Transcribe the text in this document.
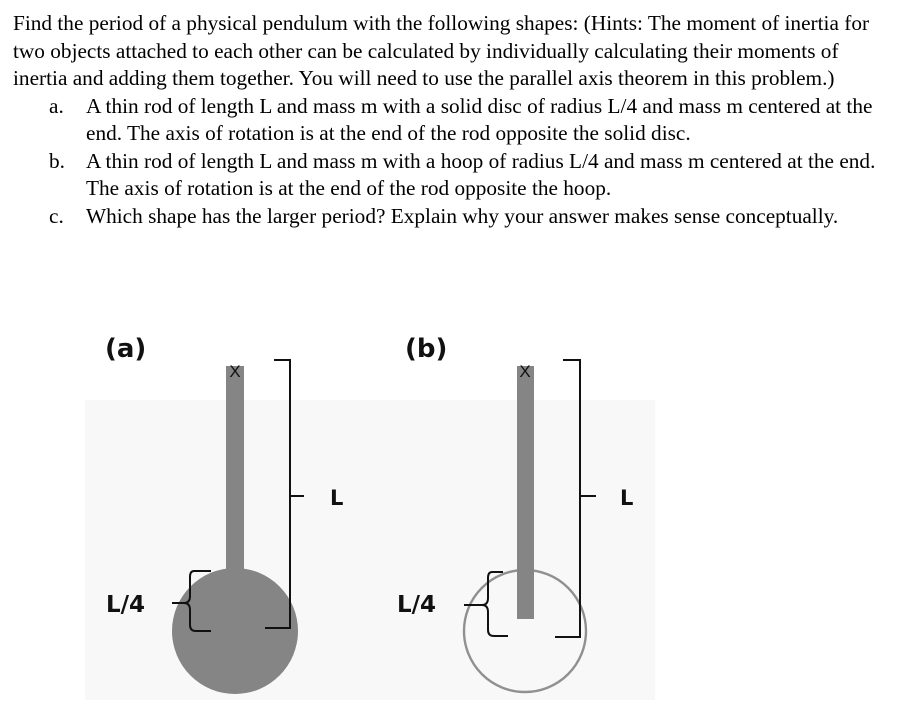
Find the period of a physical pendulum with the following shapes: (Hints: The moment of inertia for two objects attached to each other can be calculated by individually calculating their moments of inertia and adding them together. You will need to use the parallel axis theorem in this problem.)

a. A thin rod of length L and mass m with a solid disc of radius L/4 and mass m centered at the end. The axis of rotation is at the end of the rod opposite the solid disc.
b. A thin rod of length L and mass m with a hoop of radius L/4 and mass m centered at the end. The axis of rotation is at the end of the rod opposite the hoop.
c. Which shape has the larger period? Explain why your answer makes sense conceptually.
(a)
X
L
L/4
(b)
X
L
L/4
